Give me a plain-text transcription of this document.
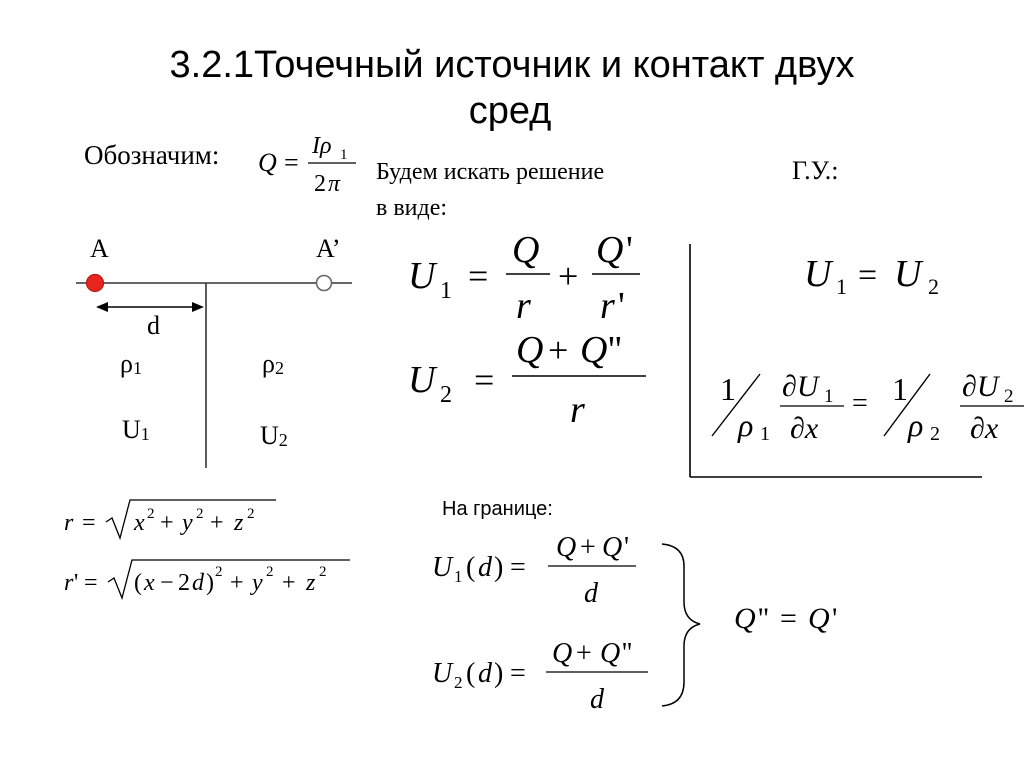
3.2.1Точечный источник и контакт двух
сред
Обозначим: Q =
Iρ 1
2 π Будем искать решение
в виде:
Г.У.:
A	A’
d
ρ1	ρ2
U1	U2
U 1 =
Q
r
+
Q '
r '
U 2 =
Q + Q ''
r
U 1 = U 2
1
ρ 1
∂U 1
∂x
= 1
ρ 2
∂U 2
∂x
r = x 2 + y 2 + z 2
r ' = ( x − 2 d ) 2 + y 2 + z 2
На границе:
U 1 ( d ) =
Q + Q '
d
U 2 ( d ) =
Q + Q ''
d
Q '' = Q '
